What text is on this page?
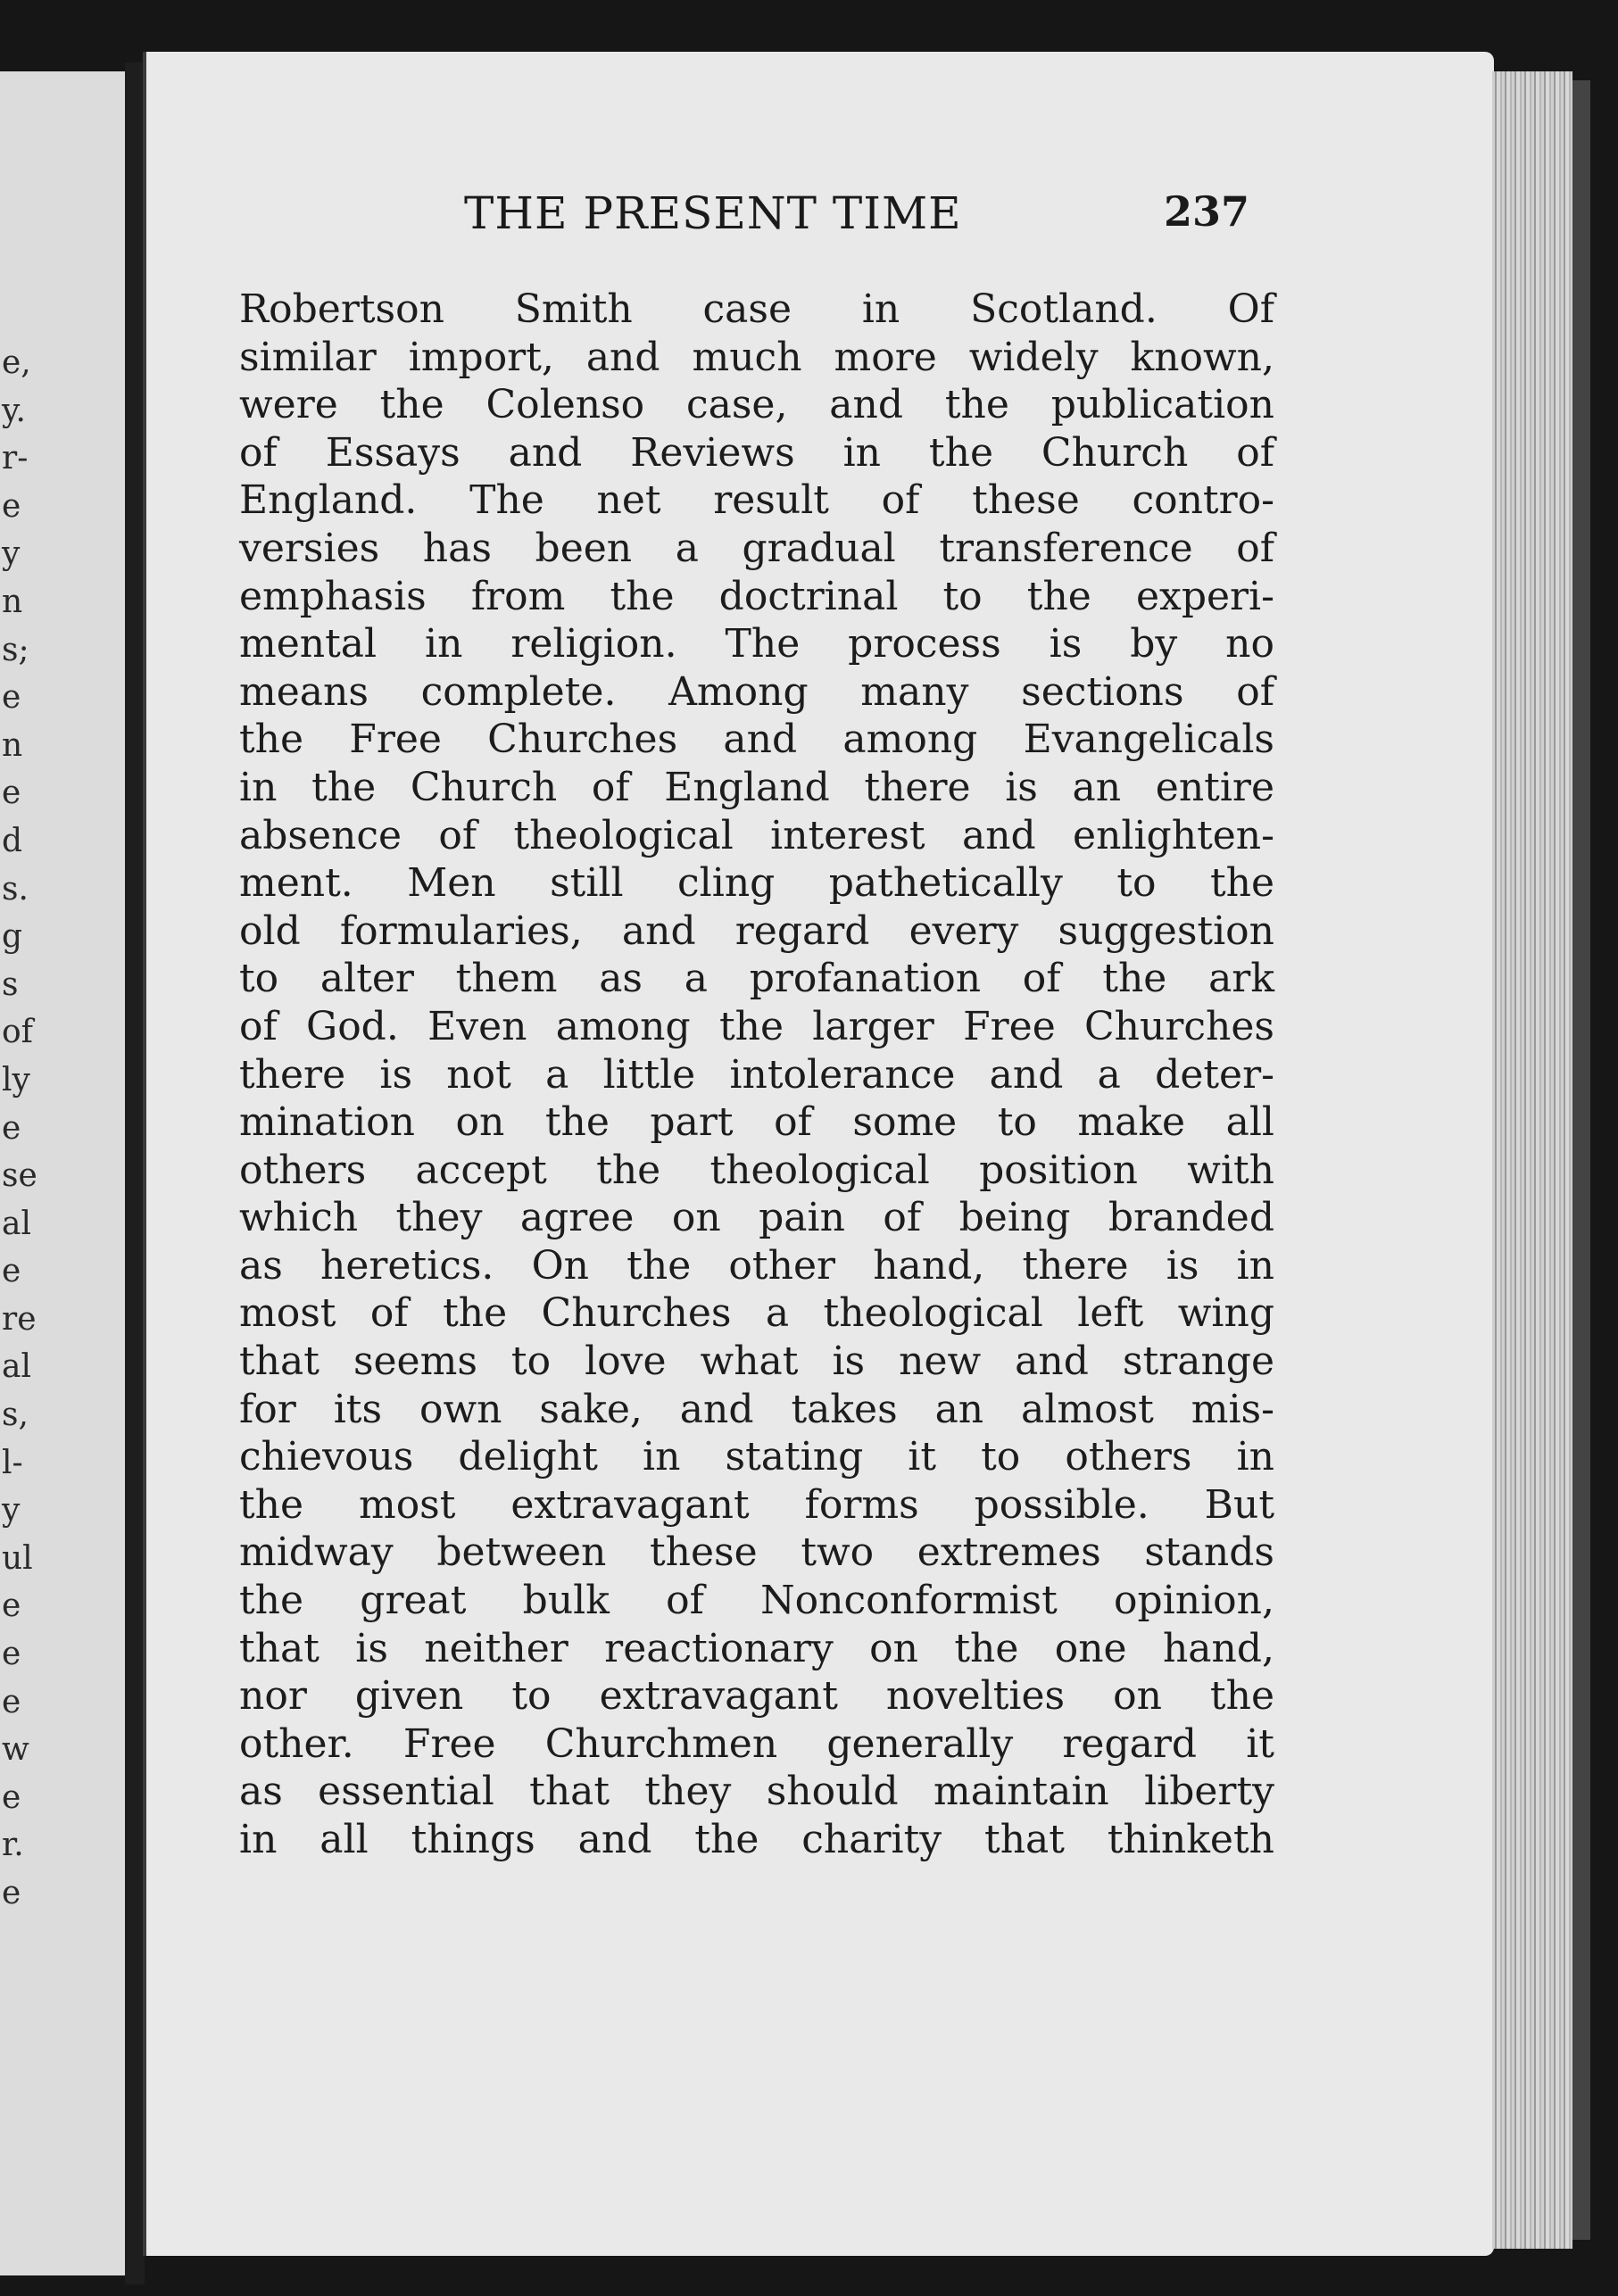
e,
y.
r-
e
y
n
s;
e
n
e
d
s.
g
s
of
ly
e
se
al
e
re
al
s,
l-
y
ul
e
e
e
w
e
r.
e
THE PRESENT TIME	237
Robertson Smith case in Scotland. Of
similar import, and much more widely known,
were the Colenso case, and the publication
of Essays and Reviews in the Church of
England. The net result of these contro-
versies has been a gradual transference of
emphasis from the doctrinal to the experi-
mental in religion. The process is by no
means complete. Among many sections of
the Free Churches and among Evangelicals
in the Church of England there is an entire
absence of theological interest and enlighten-
ment. Men still cling pathetically to the
old formularies, and regard every suggestion
to alter them as a profanation of the ark
of God. Even among the larger Free Churches
there is not a little intolerance and a deter-
mination on the part of some to make all
others accept the theological position with
which they agree on pain of being branded
as heretics. On the other hand, there is in
most of the Churches a theological left wing
that seems to love what is new and strange
for its own sake, and takes an almost mis-
chievous delight in stating it to others in
the most extravagant forms possible. But
midway between these two extremes stands
the great bulk of Nonconformist opinion,
that is neither reactionary on the one hand,
nor given to extravagant novelties on the
other. Free Churchmen generally regard it
as essential that they should maintain liberty
in all things and the charity that thinketh
